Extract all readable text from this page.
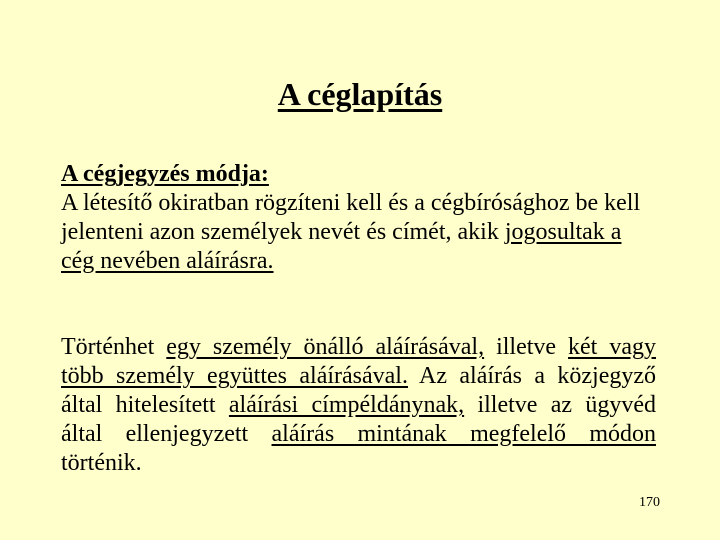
A céglapítás
A cégjegyzés módja:
A létesítő okiratban rögzíteni kell és a cégbírósághoz be kell jelenteni azon személyek nevét és címét, akik jogosultak a cég nevében aláírásra.
Történhet egy személy önálló aláírásával, illetve két vagy több személy együttes aláírásával. Az aláírás a közjegyző által hitelesített aláírási címpéldánynak, illetve az ügyvéd által ellenjegyzett aláírás mintának megfelelő módon történik.
170
